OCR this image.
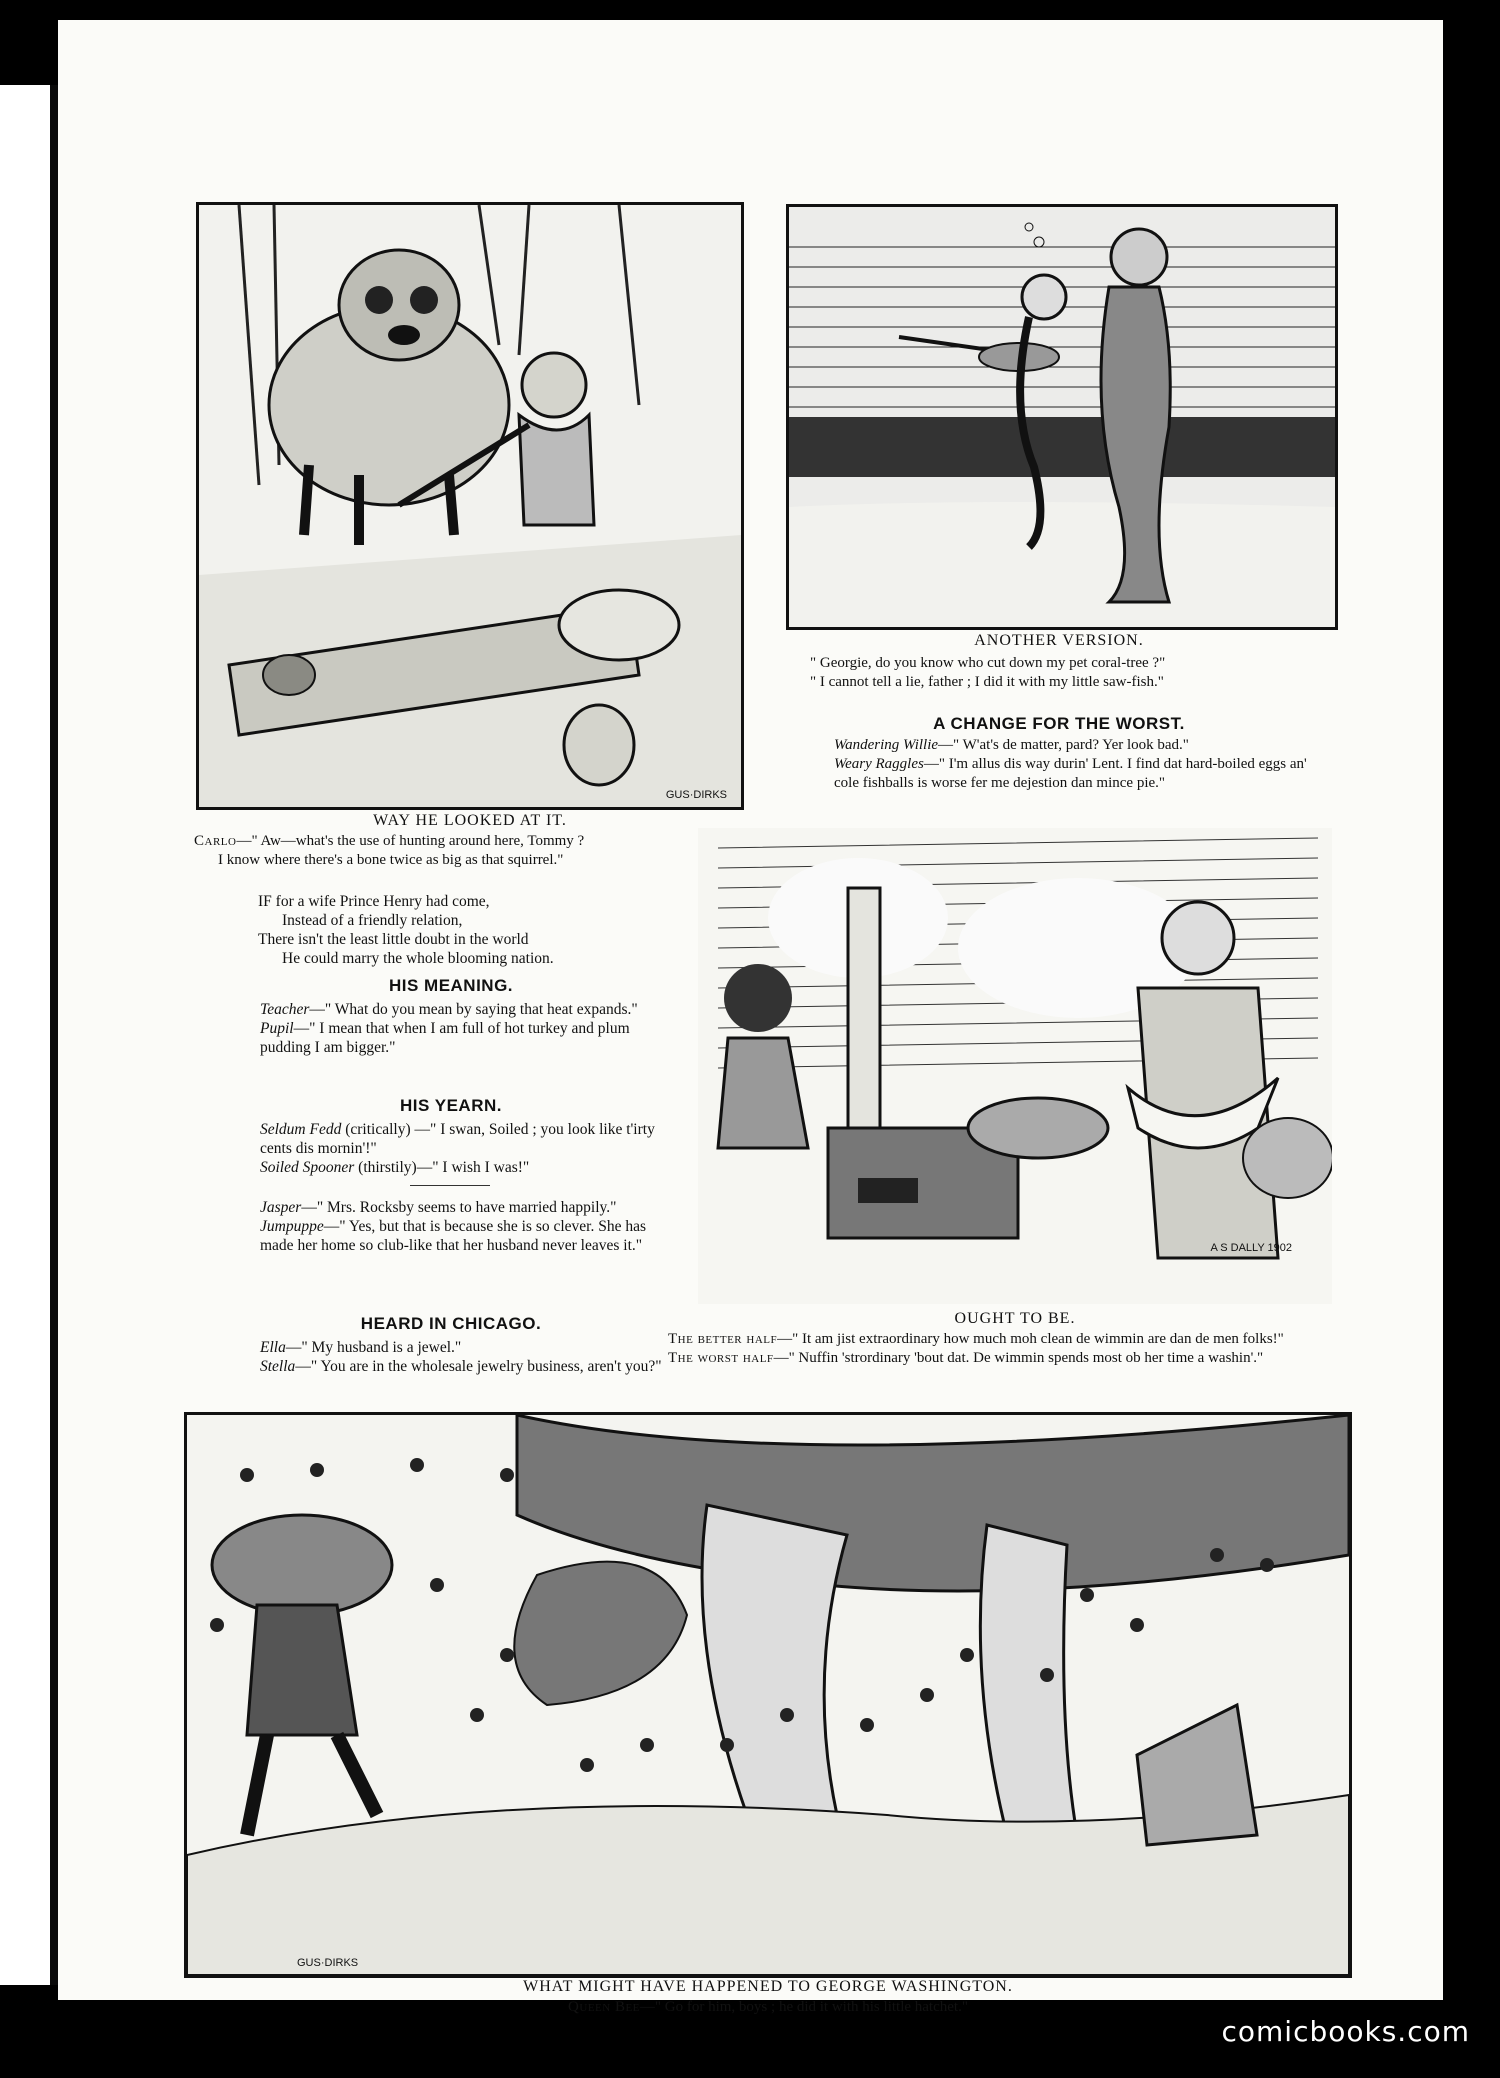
GUS·DIRKS
A S DALLY 1902
GUS·DIRKS
WAY HE LOOKED AT IT.

Carlo—" Aw—what's the use of hunting around here, Tommy ?

I know where there's a bone twice as big as that squirrel."

IF for a wife Prince Henry had come,

Instead of a friendly relation,

There isn't the least little doubt in the world

He could marry the whole blooming nation.

HIS MEANING.

Teacher—" What do you mean by saying that heat expands."

Pupil—" I mean that when I am full of hot turkey and plum pudding I am bigger."

HIS YEARN.

Seldum Fedd (critically) —" I swan, Soiled ; you look like t'irty cents dis mornin'!"

Soiled Spooner (thirstily)—" I wish I was!"

Jasper—" Mrs. Rocksby seems to have married happily."

Jumpuppe—" Yes, but that is because she is so clever. She has made her home so club-like that her husband never leaves it."

HEARD IN CHICAGO.

Ella—" My husband is a jewel."

Stella—" You are in the wholesale jewelry business, aren't you?"

ANOTHER VERSION.

" Georgie, do you know who cut down my pet coral-tree ?"

" I cannot tell a lie, father ; I did it with my little saw-fish."

A CHANGE FOR THE WORST.

Wandering Willie—" W'at's de matter, pard? Yer look bad."

Weary Raggles—" I'm allus dis way durin' Lent. I find dat hard-boiled eggs an' cole fishballs is worse fer me dejestion dan mince pie."

OUGHT TO BE.

The better half—" It am jist extraordinary how much moh clean de wimmin are dan de men folks!"

The worst half—" Nuffin 'strordinary 'bout dat. De wimmin spends most ob her time a washin'."

WHAT MIGHT HAVE HAPPENED TO GEORGE WASHINGTON.

Queen Bee—" Go for him, boys ; he did it with his little hatchet."

comicbooks.com
